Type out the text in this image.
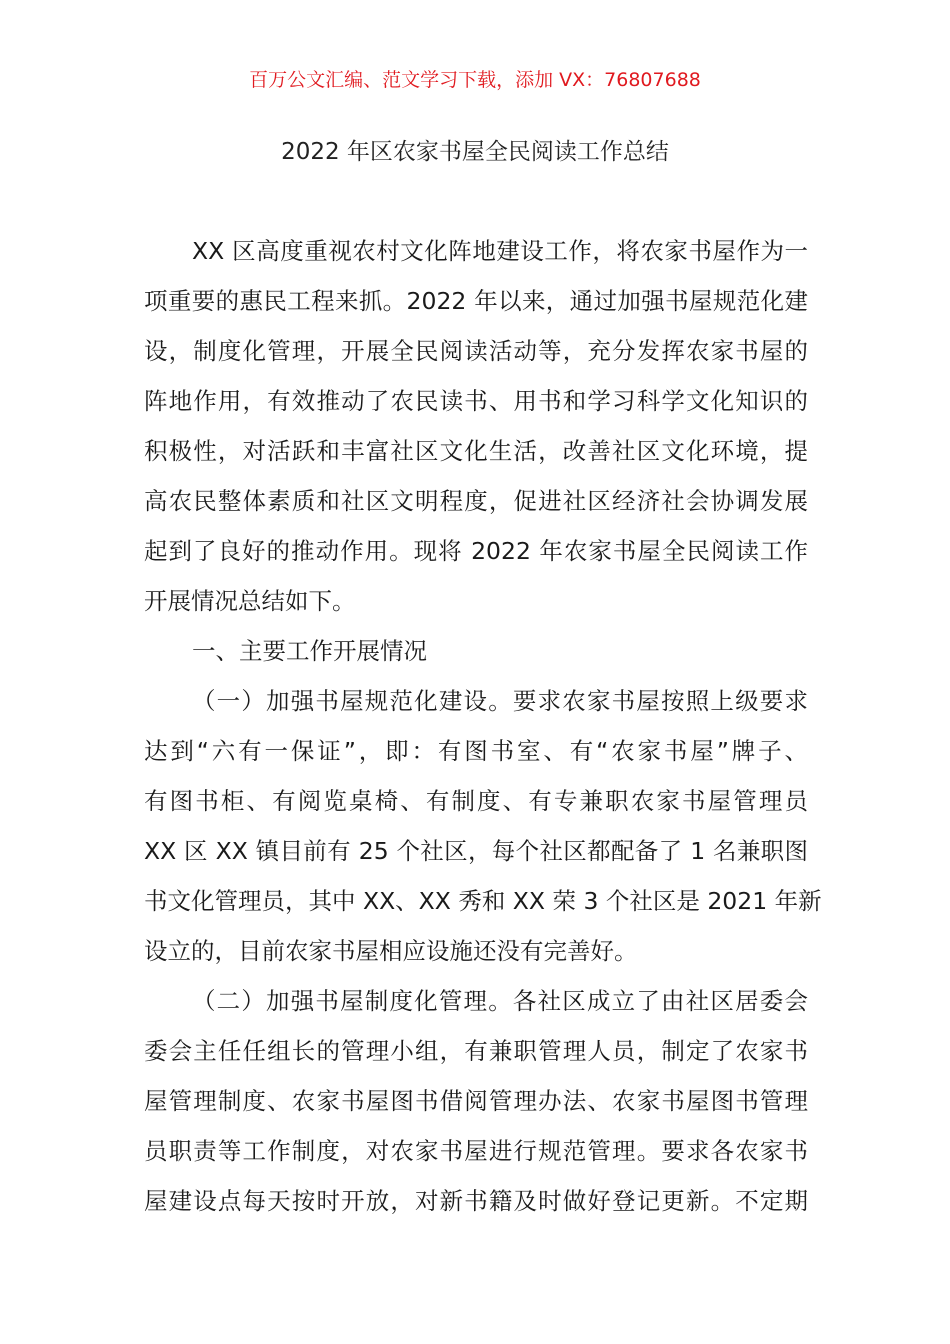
百万公文汇编、范文学习下载，添加 VX：76807688
2022 年区农家书屋全民阅读工作总结

XX 区高度重视农村文化阵地建设工作，将农家书屋作为一
项重要的惠民工程来抓。2022 年以来，通过加强书屋规范化建
设，制度化管理，开展全民阅读活动等，充分发挥农家书屋的
阵地作用，有效推动了农民读书、用书和学习科学文化知识的
积极性，对活跃和丰富社区文化生活，改善社区文化环境，提
高农民整体素质和社区文明程度，促进社区经济社会协调发展
起到了良好的推动作用。现将 2022 年农家书屋全民阅读工作
开展情况总结如下。

一、主要工作开展情况

（一）加强书屋规范化建设。要求农家书屋按照上级要求
达到“六有一保证”，即：有图书室、有“农家书屋”牌子、
有图书柜、有阅览桌椅、有制度、有专兼职农家书屋管理员
XX 区 XX 镇目前有 25 个社区，每个社区都配备了 1 名兼职图
书文化管理员，其中 XX、XX 秀和 XX 荣 3 个社区是 2021 年新
设立的，目前农家书屋相应设施还没有完善好。

（二）加强书屋制度化管理。各社区成立了由社区居委会
委会主任任组长的管理小组，有兼职管理人员，制定了农家书
屋管理制度、农家书屋图书借阅管理办法、农家书屋图书管理
员职责等工作制度，对农家书屋进行规范管理。要求各农家书
屋建设点每天按时开放，对新书籍及时做好登记更新。不定期
